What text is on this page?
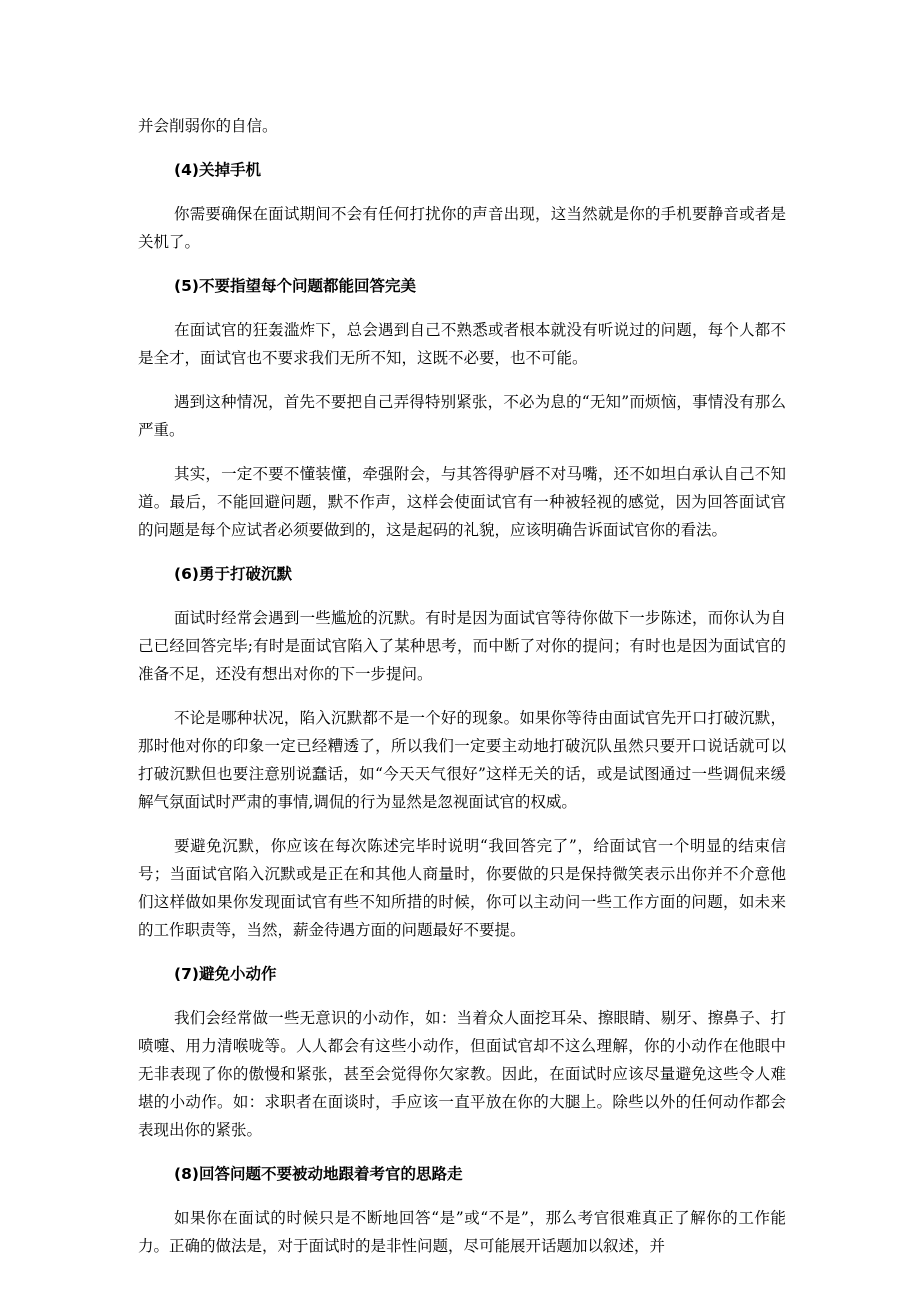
并会削弱你的自信。

(4)关掉手机

你需要确保在面试期间不会有任何打扰你的声音出现，这当然就是你的手机要静音或者是关机了。

(5)不要指望每个问题都能回答完美

在面试官的狂轰滥炸下，总会遇到自己不熟悉或者根本就没有听说过的问题，每个人都不是全才，面试官也不要求我们无所不知，这既不必要，也不可能。

遇到这种情况，首先不要把自己弄得特别紧张，不必为息的“无知”而烦恼，事情没有那么严重。

其实，一定不要不懂装懂，牵强附会，与其答得驴唇不对马嘴，还不如坦白承认自己不知道。最后，不能回避问题，默不作声，这样会使面试官有一种被轻视的感觉，因为回答面试官的问题是每个应试者必须要做到的，这是起码的礼貌，应该明确告诉面试官你的看法。

(6)勇于打破沉默

面试时经常会遇到一些尴尬的沉默。有时是因为面试官等待你做下一步陈述，而你认为自己已经回答完毕;有时是面试官陷入了某种思考，而中断了对你的提问；有时也是因为面试官的准备不足，还没有想出对你的下一步提问。

不论是哪种状况，陷入沉默都不是一个好的现象。如果你等待由面试官先开口打破沉默，那时他对你的印象一定已经糟透了，所以我们一定要主动地打破沉队虽然只要开口说话就可以打破沉默但也要注意别说蠢话，如“今天天气很好”这样无关的话，或是试图通过一些调侃来缓解气氛面试时严肃的事情,调侃的行为显然是忽视面试官的权威。

要避免沉默，你应该在每次陈述完毕时说明“我回答完了”，给面试官一个明显的结束信号；当面试官陷入沉默或是正在和其他人商量时，你要做的只是保持微笑表示出你并不介意他们这样做如果你发现面试官有些不知所措的时候，你可以主动问一些工作方面的问题，如未来的工作职责等，当然，薪金待遇方面的问题最好不要提。

(7)避免小动作

我们会经常做一些无意识的小动作，如：当着众人面挖耳朵、擦眼睛、剔牙、擦鼻子、打喷嚏、用力清喉咙等。人人都会有这些小动作，但面试官却不这么理解，你的小动作在他眼中无非表现了你的傲慢和紧张，甚至会觉得你欠家教。因此，在面试时应该尽量避免这些令人难堪的小动作。如：求职者在面谈时，手应该一直平放在你的大腿上。除些以外的任何动作都会表现出你的紧张。

(8)回答问题不要被动地跟着考官的思路走

如果你在面试的时候只是不断地回答“是”或“不是”，那么考官很难真正了解你的工作能力。正确的做法是，对于面试时的是非性问题，尽可能展开话题加以叙述，并
